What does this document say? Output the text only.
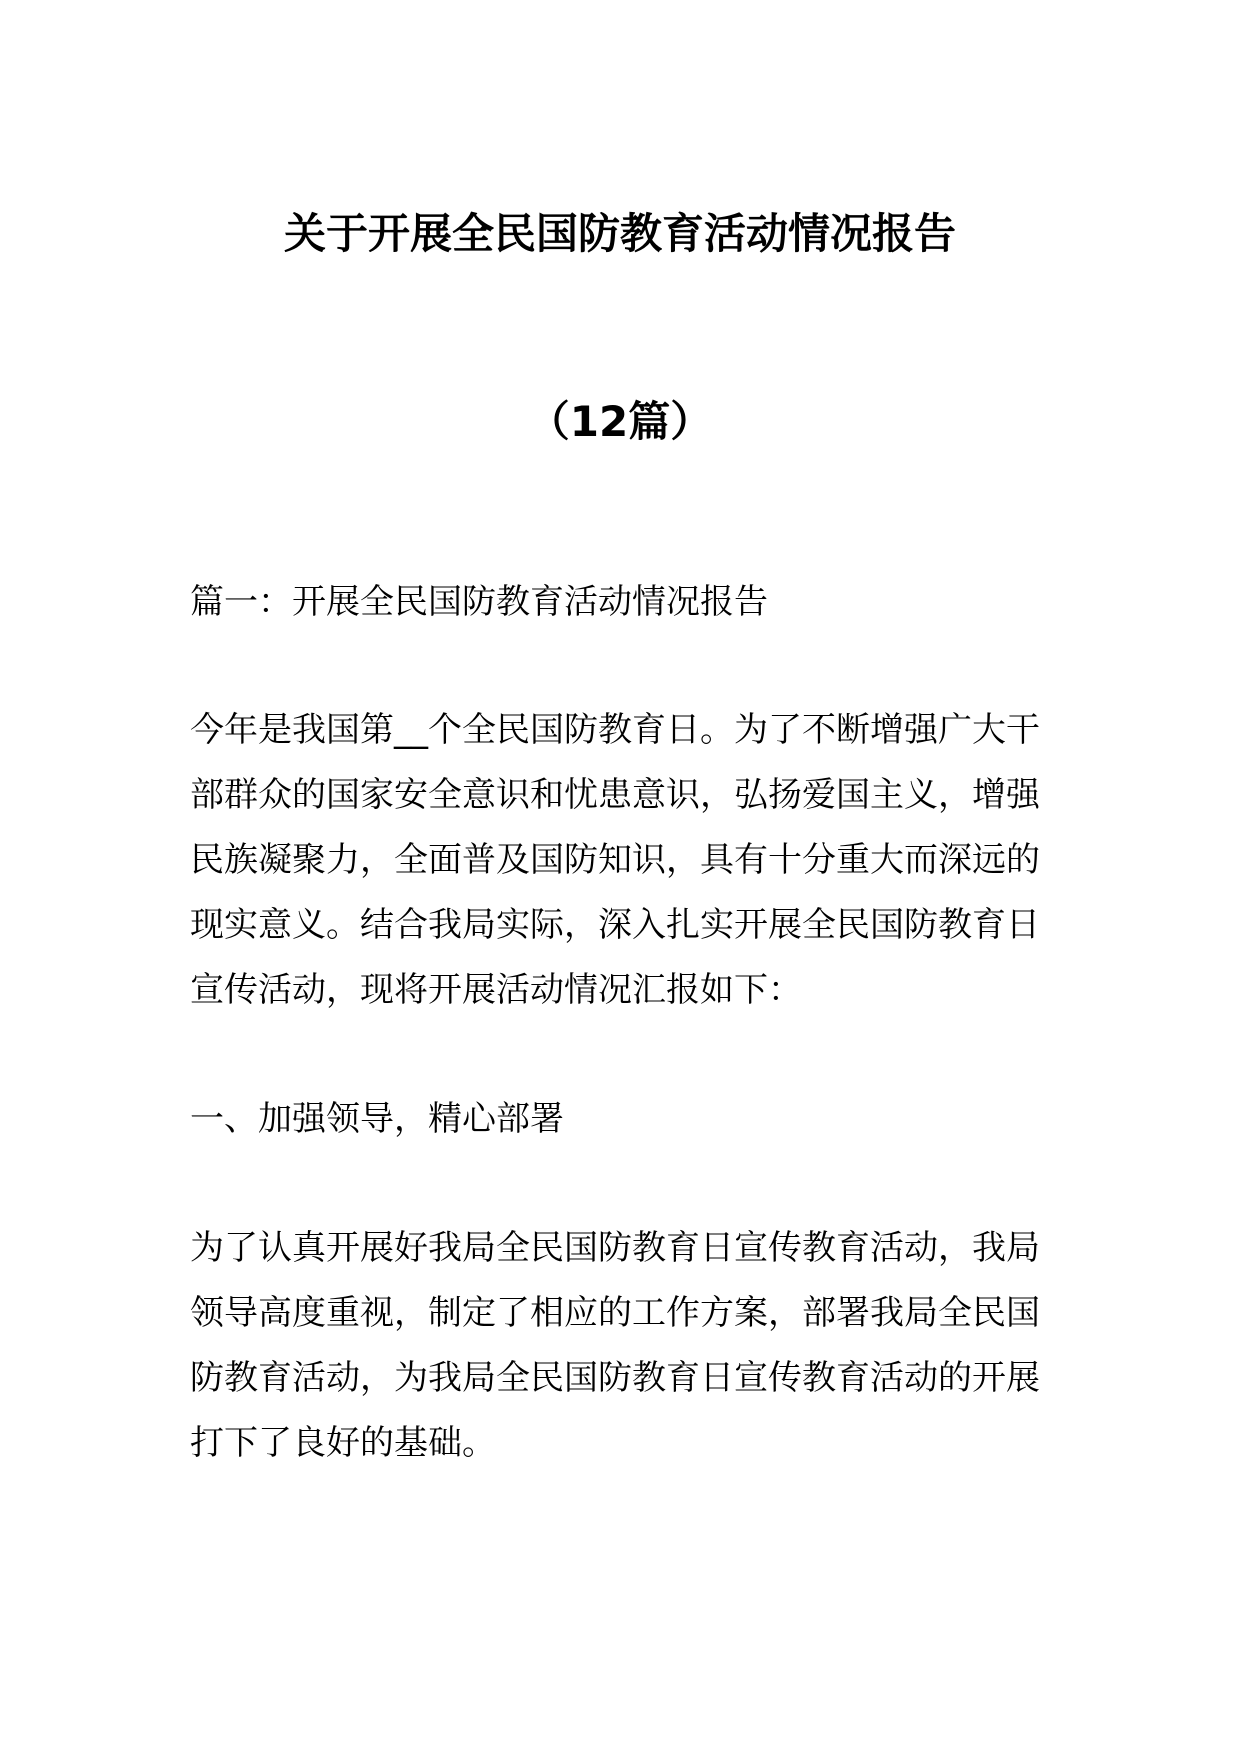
关于开展全民国防教育活动情况报告
（12篇）

篇一：开展全民国防教育活动情况报告

今年是我国第__个全民国防教育日。为了不断增强广大干部群众的国家安全意识和忧患意识，弘扬爱国主义，增强民族凝聚力，全面普及国防知识，具有十分重大而深远的现实意义。结合我局实际，深入扎实开展全民国防教育日宣传活动，现将开展活动情况汇报如下：

一、加强领导，精心部署

为了认真开展好我局全民国防教育日宣传教育活动，我局领导高度重视，制定了相应的工作方案，部署我局全民国防教育活动，为我局全民国防教育日宣传教育活动的开展打下了良好的基础。
